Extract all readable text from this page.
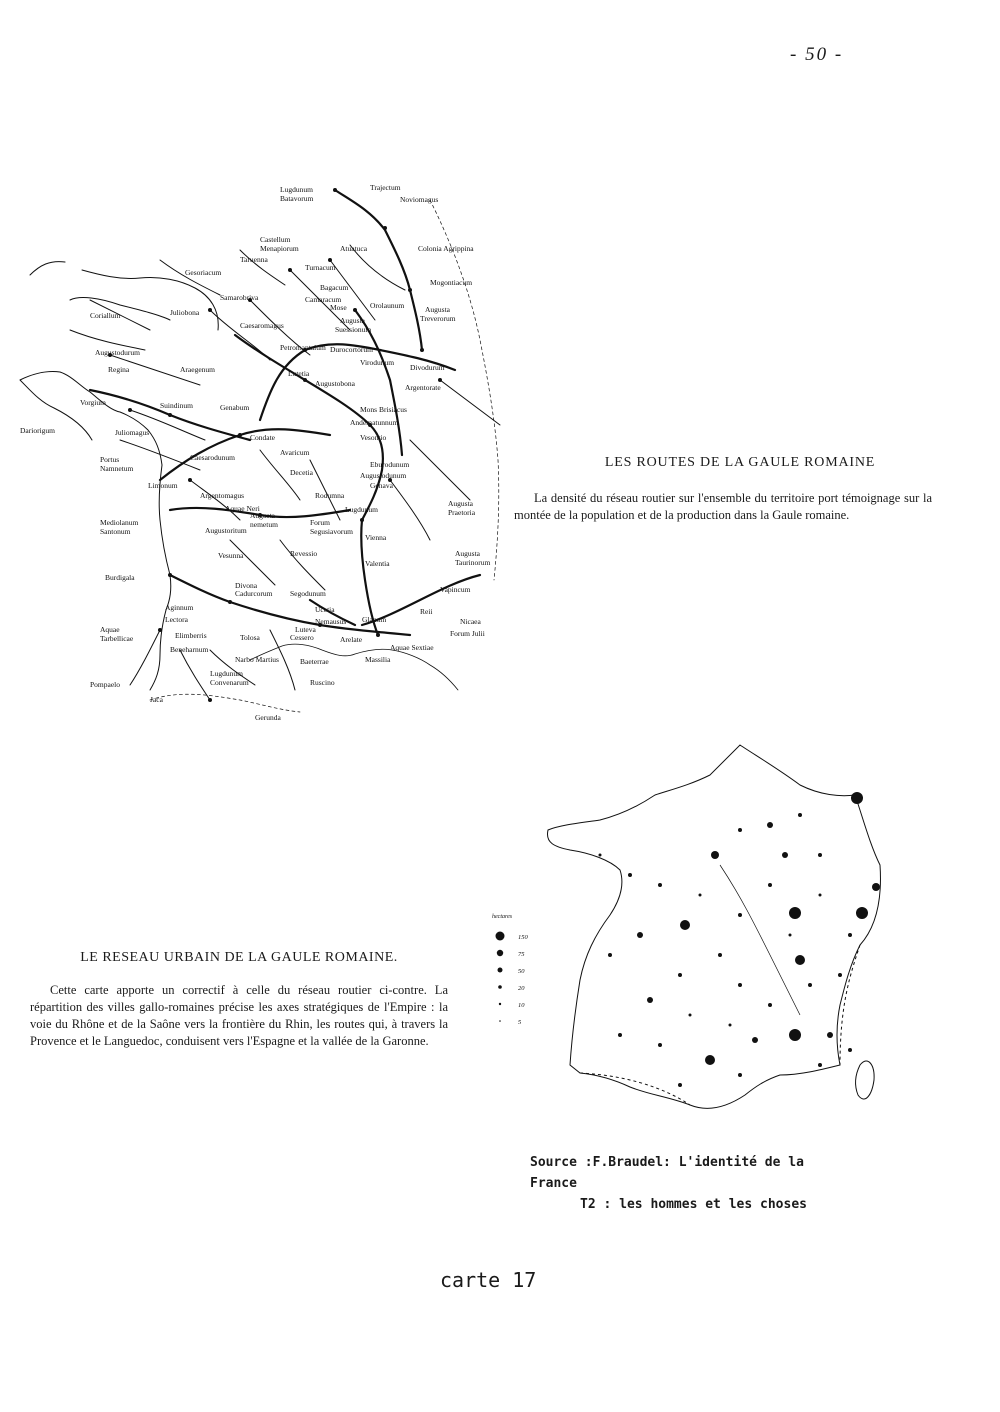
- 50 -
Lugdunum
Batavorum
Trajectum
Noviomagus
Castellum
Menapiorum	Atuatuca	Colonia Agrippina
Taruenna
Turnacum
Gesoriacum
Bagacum
Mogontiacum
Samarobriva	Camaracum
Mose	Orolaunum	Augusta
Treverorum
Caesaromagus
Augusta
Suessionum
Coriallum	Juliobona
Augustodurum
Petromantalum Durocortorum
Virodunum
Divodurum
Regina	Araegenum	Lutetia
Augustobona	Argentorate
Vorgium	Suindinum	Genabum	Mons Brisiacus
Dariorigum	Juliomagus
Condate
Andematunnum
Vesontio
Portus
Namnetum
Caesarodunum
Avaricum
Eburodunum
Limonum
Decetia	Augustodunum
Argentomagus	Rodumna
Genava
Augusta
Praetoria
Aquae Neri
Augusta
nemetum
Augustoritum
Lugdunum
Mediolanum
Santonum
Forum
Segusiavorum
Vienna
Vesunna	Revessio
Valentia
Augusta
Taurinorum
Burdigala
Divona
Cadurcorum Segodunum	Vapincum
Aginnum	Ucetia
Lectora	Nemausus
Aquae
Tarbellicae	Elimberris	Tolosa
Luteva
Glanum
Reii
Cessero	Arelate
Nicaea
Forum Julii
Beneharnum	Aquae Sextiae
Narbo Martius	Baeterrae	Massilia
Lugdunum
Convenarum
Pompaelo	Ruscino
Jaca
Gerunda
LES ROUTES DE LA GAULE ROMAINE
La densité du réseau routier sur l'ensemble du territoire port témoignage sur la montée de la population et de la production dans la Gaule romaine.
hectares
150
75
50
20
10
5
LE RESEAU URBAIN DE LA GAULE ROMAINE.
Cette carte apporte un correctif à celle du réseau routier ci-contre. La répartition des villes gallo-romaines précise les axes stratégiques de l'Empire : la voie du Rhône et de la Saône vers la frontière du Rhin, les routes qui, à travers la Provence et le Languedoc, conduisent vers l'Espagne et la vallée de la Garonne.
Source :F.Braudel: L'identité de la France
T2 : les hommes et les choses
carte 17
